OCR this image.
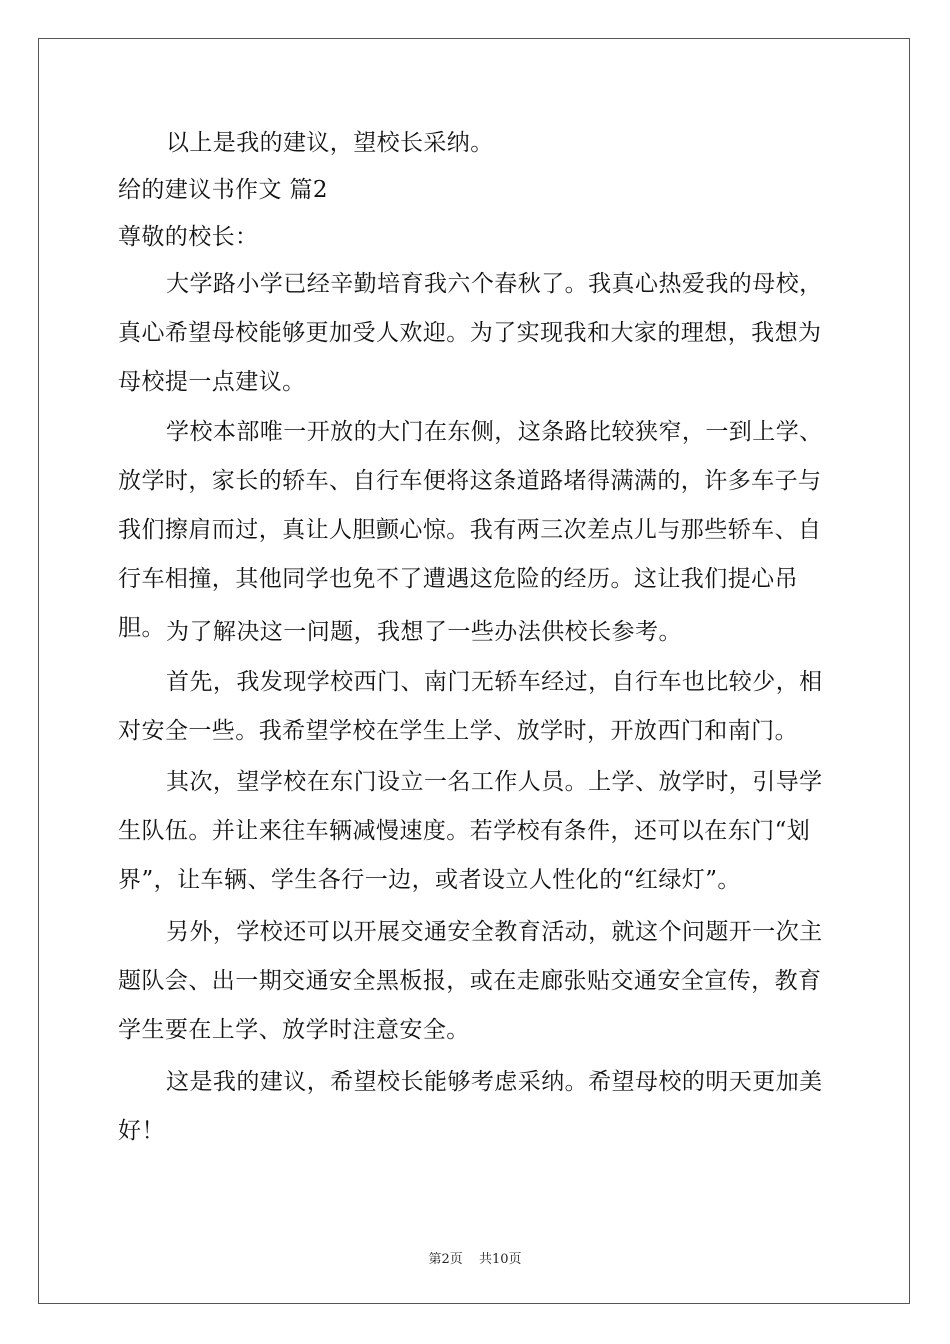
以上是我的建议，望校长采纳。
给的建议书作文 篇2
尊敬的校长：

大学路小学已经辛勤培育我六个春秋了。我真心热爱我的母校，真心希望母校能够更加受人欢迎。为了实现我和大家的理想，我想为母校提一点建议。

学校本部唯一开放的大门在东侧，这条路比较狭窄，一到上学、放学时，家长的轿车、自行车便将这条道路堵得满满的，许多车子与我们擦肩而过，真让人胆颤心惊。我有两三次差点儿与那些轿车、自行车相撞，其他同学也免不了遭遇这危险的经历。这让我们提心吊胆。 为了解决这一问题，我想了一些办法供校长参考。

首先，我发现学校西门、南门无轿车经过，自行车也比较少，相对安全一些。我希望学校在学生上学、放学时，开放西门和南门。

其次，望学校在东门设立一名工作人员。上学、放学时，引导学生队伍。并让来往车辆减慢速度。若学校有条件，还可以在东门“划界”，让车辆、学生各行一边，或者设立人性化的“红绿灯”。

另外，学校还可以开展交通安全教育活动，就这个问题开一次主题队会、出一期交通安全黑板报，或在走廊张贴交通安全宣传，教育学生要在上学、放学时注意安全。

这是我的建议，希望校长能够考虑采纳。希望母校的明天更加美好！

第2页 共10页
